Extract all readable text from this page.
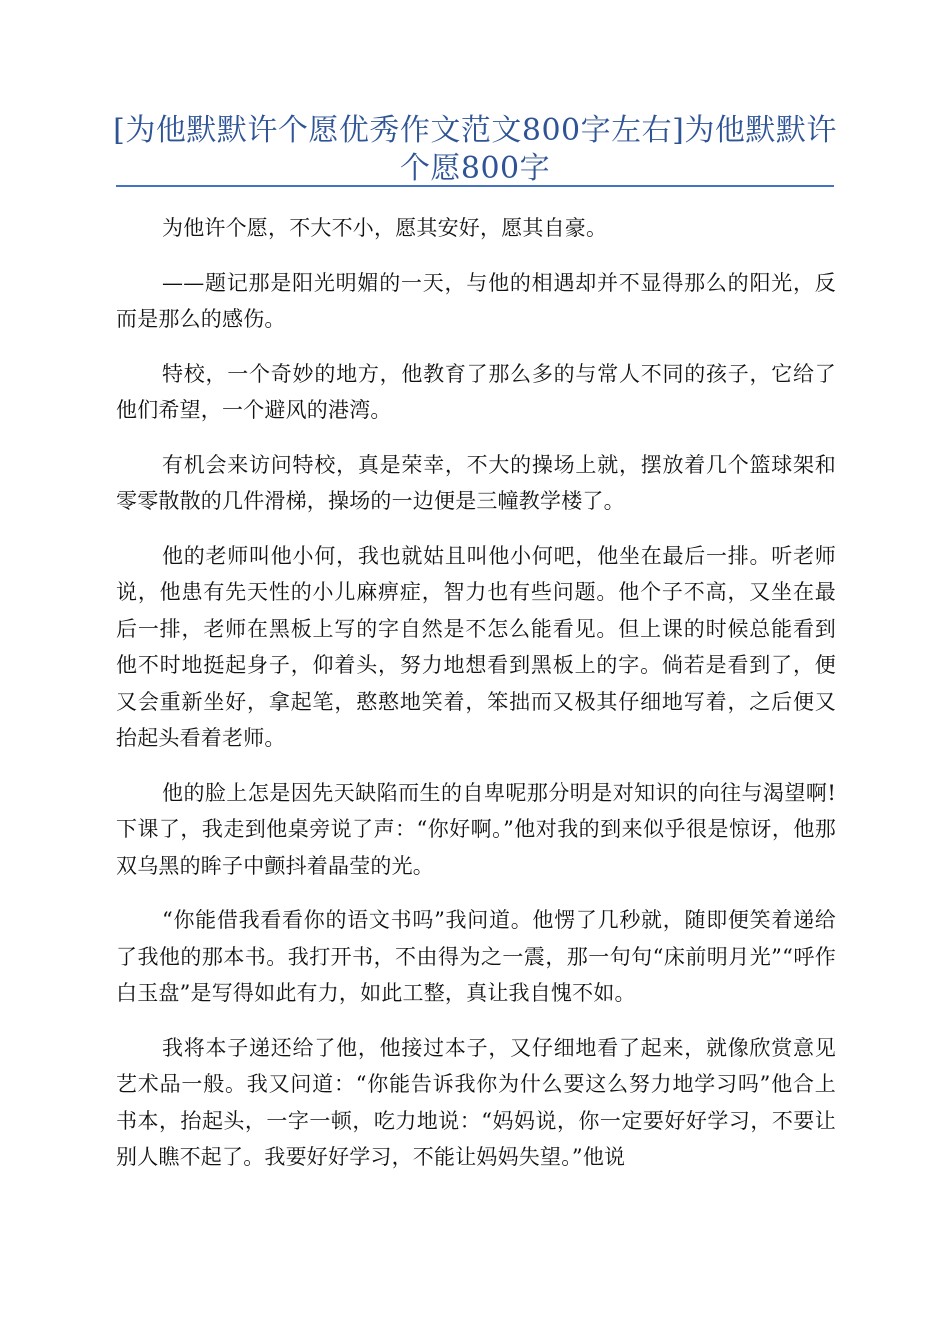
[为他默默许个愿优秀作文范文800字左右]为他默默许个愿800字

为他许个愿，不大不小，愿其安好，愿其自豪。

——题记那是阳光明媚的一天，与他的相遇却并不显得那么的阳光，反而是那么的感伤。

特校，一个奇妙的地方，他教育了那么多的与常人不同的孩子，它给了他们希望，一个避风的港湾。

有机会来访问特校，真是荣幸，不大的操场上就，摆放着几个篮球架和零零散散的几件滑梯，操场的一边便是三幢教学楼了。

他的老师叫他小何，我也就姑且叫他小何吧，他坐在最后一排。听老师说，他患有先天性的小儿麻痹症，智力也有些问题。他个子不高，又坐在最后一排，老师在黑板上写的字自然是不怎么能看见。但上课的时候总能看到他不时地挺起身子，仰着头，努力地想看到黑板上的字。倘若是看到了，便又会重新坐好，拿起笔，憨憨地笑着，笨拙而又极其仔细地写着，之后便又抬起头看着老师。

他的脸上怎是因先天缺陷而生的自卑呢那分明是对知识的向往与渴望啊!下课了，我走到他桌旁说了声：“你好啊。”他对我的到来似乎很是惊讶，他那双乌黑的眸子中颤抖着晶莹的光。

“你能借我看看你的语文书吗”我问道。他愣了几秒就，随即便笑着递给了我他的那本书。我打开书，不由得为之一震，那一句句“床前明月光”“呼作白玉盘”是写得如此有力，如此工整，真让我自愧不如。

我将本子递还给了他，他接过本子，又仔细地看了起来，就像欣赏意见艺术品一般。我又问道：“你能告诉我你为什么要这么努力地学习吗”他合上书本，抬起头，一字一顿，吃力地说：“妈妈说，你一定要好好学习，不要让别人瞧不起了。我要好好学习，不能让妈妈失望。”他说
